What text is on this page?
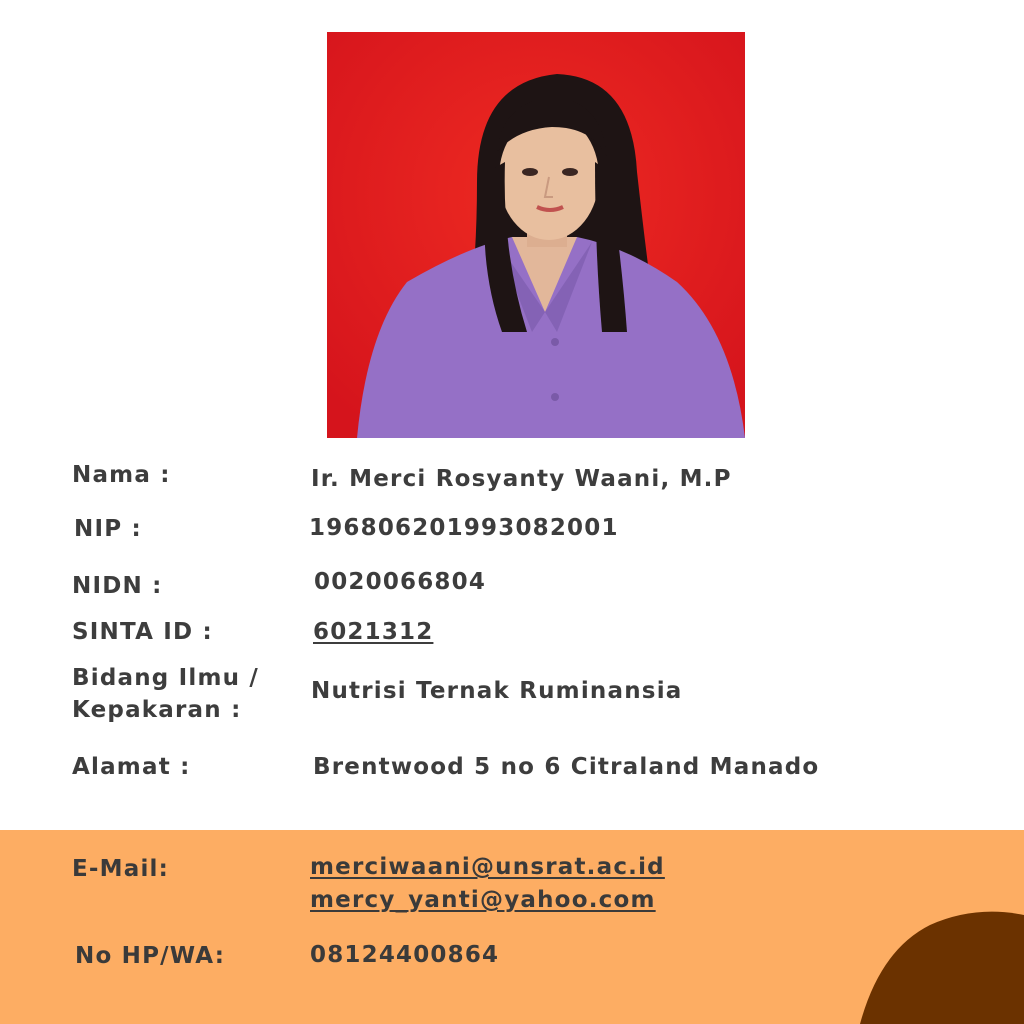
Nama :	Ir. Merci Rosyanty Waani, M.P
NIP :	196806201993082001
NIDN :	0020066804
SINTA ID :	6021312
Bidang Ilmu /
Kepakaran :
Nutrisi Ternak Ruminansia
Alamat :	Brentwood 5 no 6 Citraland Manado
E-Mail:	merciwaani@unsrat.ac.id
mercy_yanti@yahoo.com
No HP/WA:	08124400864
